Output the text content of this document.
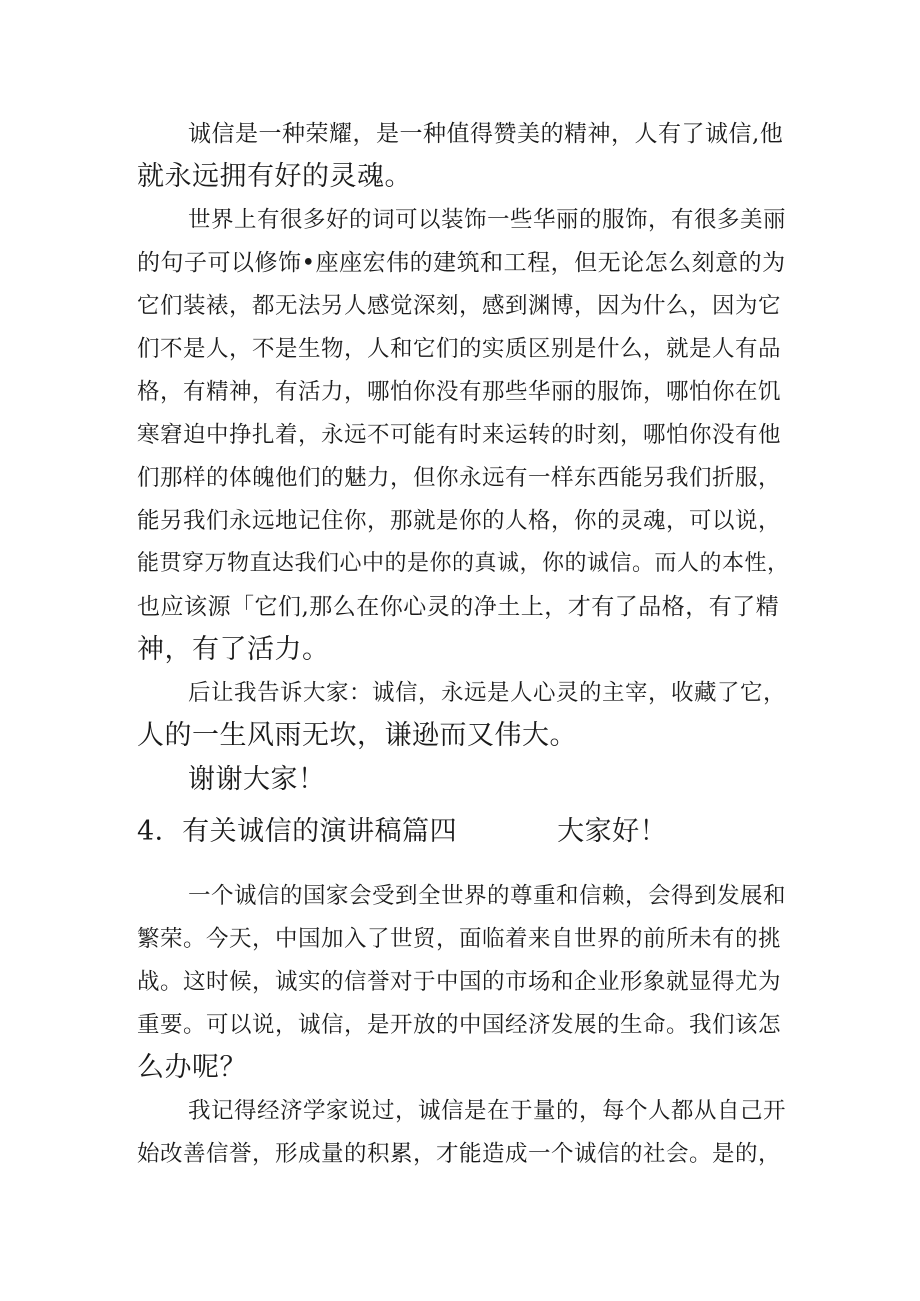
诚信是一种荣耀，是一种值得赞美的精神，人有了诚信,他
就永远拥有好的灵魂。
世界上有很多好的词可以装饰一些华丽的服饰，有很多美丽
的句子可以修饰•座座宏伟的建筑和工程，但无论怎么刻意的为
它们装裱，都无法另人感觉深刻，感到渊博，因为什么，因为它
们不是人，不是生物，人和它们的实质区别是什么，就是人有品
格，有精神，有活力，哪怕你没有那些华丽的服饰，哪怕你在饥
寒窘迫中挣扎着，永远不可能有时来运转的时刻，哪怕你没有他
们那样的体魄他们的魅力，但你永远有一样东西能另我们折服，
能另我们永远地记住你，那就是你的人格，你的灵魂，可以说，
能贯穿万物直达我们心中的是你的真诚，你的诚信。而人的本性，
也应该源「它们,那么在你心灵的净土上，才有了品格，有了精
神，有了活力。
后让我告诉大家：诚信，永远是人心灵的主宰，收藏了它，
人的一生风雨无坎，谦逊而又伟大。
谢谢大家！
4．有关诚信的演讲稿篇四           大家好！
一个诚信的国家会受到全世界的尊重和信赖，会得到发展和
繁荣。今天，中国加入了世贸，面临着来自世界的前所未有的挑
战。这时候，诚实的信誉对于中国的市场和企业形象就显得尤为
重要。可以说，诚信，是开放的中国经济发展的生命。我们该怎
么办呢？
我记得经济学家说过，诚信是在于量的，每个人都从自己开
始改善信誉，形成量的积累，才能造成一个诚信的社会。是的，
